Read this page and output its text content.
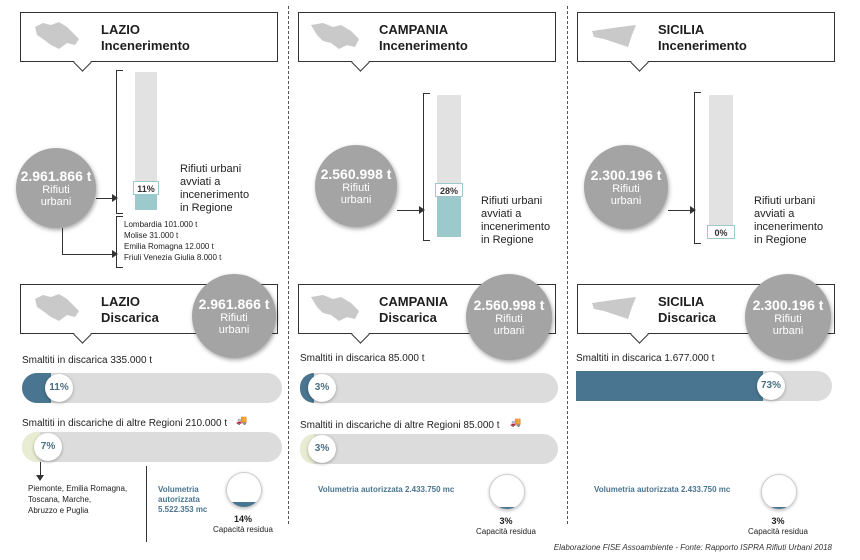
LAZIO
Incenerimento
2.961.866 t
Rifiuti
urbani
11%
Rifiuti urbani
avviati a
incenerimento
in Regione
Lombardia 101.000 t
Molise 31.000 t
Emilia Romagna 12.000 t
Friuli Venezia Giulia 8.000 t
LAZIO
Discarica
2.961.866 t
Rifiuti
urbani
Smaltiti in discarica 335.000 t
11%
Smaltiti in discariche di altre Regioni 210.000 t 🚚
7%
Piemonte, Emilia Romagna,
Toscana, Marche,
Abruzzo e Puglia
Volumetria
autorizzata
5.522.353 mc
14%
Capacità residua
CAMPANIA
Incenerimento
2.560.998 t
Rifiuti
urbani
28%
Rifiuti urbani
avviati a
incenerimento
in Regione
CAMPANIA
Discarica
2.560.998 t
Rifiuti
urbani
Smaltiti in discarica 85.000 t
3%
Smaltiti in discariche di altre Regioni 85.000 t 🚚
3%
Volumetria autorizzata 2.433.750 mc
3%
Capacità residua
SICILIA
Incenerimento
2.300.196 t
Rifiuti
urbani
0%
Rifiuti urbani
avviati a
incenerimento
in Regione
SICILIA
Discarica
2.300.196 t
Rifiuti
urbani
Smaltiti in discarica 1.677.000 t
73%
Volumetria autorizzata 2.433.750 mc
3%
Capacità residua
Elaborazione FISE Assoambiente - Fonte: Rapporto ISPRA Rifiuti Urbani 2018
